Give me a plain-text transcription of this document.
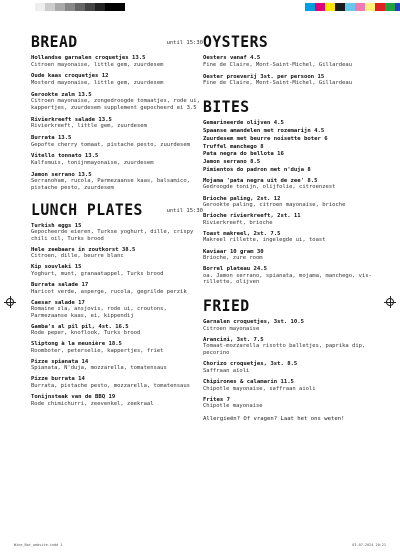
BREAD	until 15:30
Hollandse garnalen croquetjes 13.5
Citroen mayonaise, little gem, zuurdesem
Oude kaas croquetjes 12
Mosterd mayonaise, little gem, zuurdesem
Gerookte zalm 13.5
Citroen mayonaise, zongedroogde tomaatjes, rode ui, kappertjes, zuurdesem supplement gepocheerd ei 3.5
Rivierkreeft salade 13.5
Rivierkreeft, little gem, zuurdesem
Burrata 13.5
Gepofte cherry tomaat, pistache pesto, zuurdesem
Vitello tonnato 13.5
Kalfsmuis, tonijnmayonaise, zuurdesem
Jamon serrano 13.5
Serranoham, rucola, Parmezaanse kaas, balsamico, pistache pesto, zuurdesem
LUNCH PLATES	until 15:30
Turkish eggs 15
Gepocheerde eieren, Turkse yoghurt, dille, crispy chili oil, Turks brood
Hele zeebaars in zoutkorst 38.5
Citroen, dille, beurre blanc
Kip souvlaki 15
Yoghurt, munt, granaatappel, Turks brood
Burrata salade 17
Haricot verde, asperge, rucola, gegrilde perzik
Caesar salade 17
Romaine sla, ansjovis, rode ui, croutons, Parmezaanse kaas, ei, kippendij
Gamba's al pil pil, 4st. 16.5
Rode peper, knoflook, Turks brood
Sliptong à la meunière 18.5
Roomboter, peterselie, kappertjes, friet
Pizze spianata 14
Spianata, N'duja, mozzarella, tomatensaus
Pizze burrata 14
Burrata, pistache pesto, mozzarella, tomatensaus
Tonijnsteak van de BBQ 19
Rode chimichurri, zeevenkel, zeekraal
OYSTERS
Oesters vanaf 4.5
Fine de Claire, Mont-Saint-Michel, Gillardeau
Oester proeverij 3st. per persoon 15
Fine de Claire, Mont-Saint-Michel, Gillardeau
BITES
Gemarineerde olijven 4.5
Spaanse amandelen met rozemarijn 4.5
Zuurdesem met beurre noisette boter 6
Truffel manchego 8
Pata negra do bellota 16
Jamon serrano 8.5
Pimientos do padron met n'duja 8
Mojama 'pata negra uit de zee' 8.5
Gedroogde tonijn, olijfolie, citroenzest
Brioche paling, 2st. 12
Gerookte paling, citroen mayonaise, brioche
Brioche rivierkreeft, 2st. 11
Rivierkreeft, brioche
Toast makreel, 2st. 7.5
Makreel rillette, ingelegde ui, toast
Kaviaar 10 gram 30
Brioche, zure room
Borrel plateau 24.5
oa. Jamon serrano, spianata, mojama, manchego, vis-rillette, olijven
FRIED
Garnalen croquetjes, 3st. 10.5
Citroen mayonaise
Arancini, 3st. 7.5
Tomaat-mozzarella risotto balletjes, paprika dip, pecorino
Chorizo croquetjes, 3st. 8.5
Saffraan aïoli
Chipirones & calamarin 11.5
Chipotle mayonaise, saffraan aioli
Frites 7
Chipotle mayonaise
Allergieën? Of vragen? Laat het ons weten!
Wine_Bar_website.indd 1	03-07-2024 20:21
